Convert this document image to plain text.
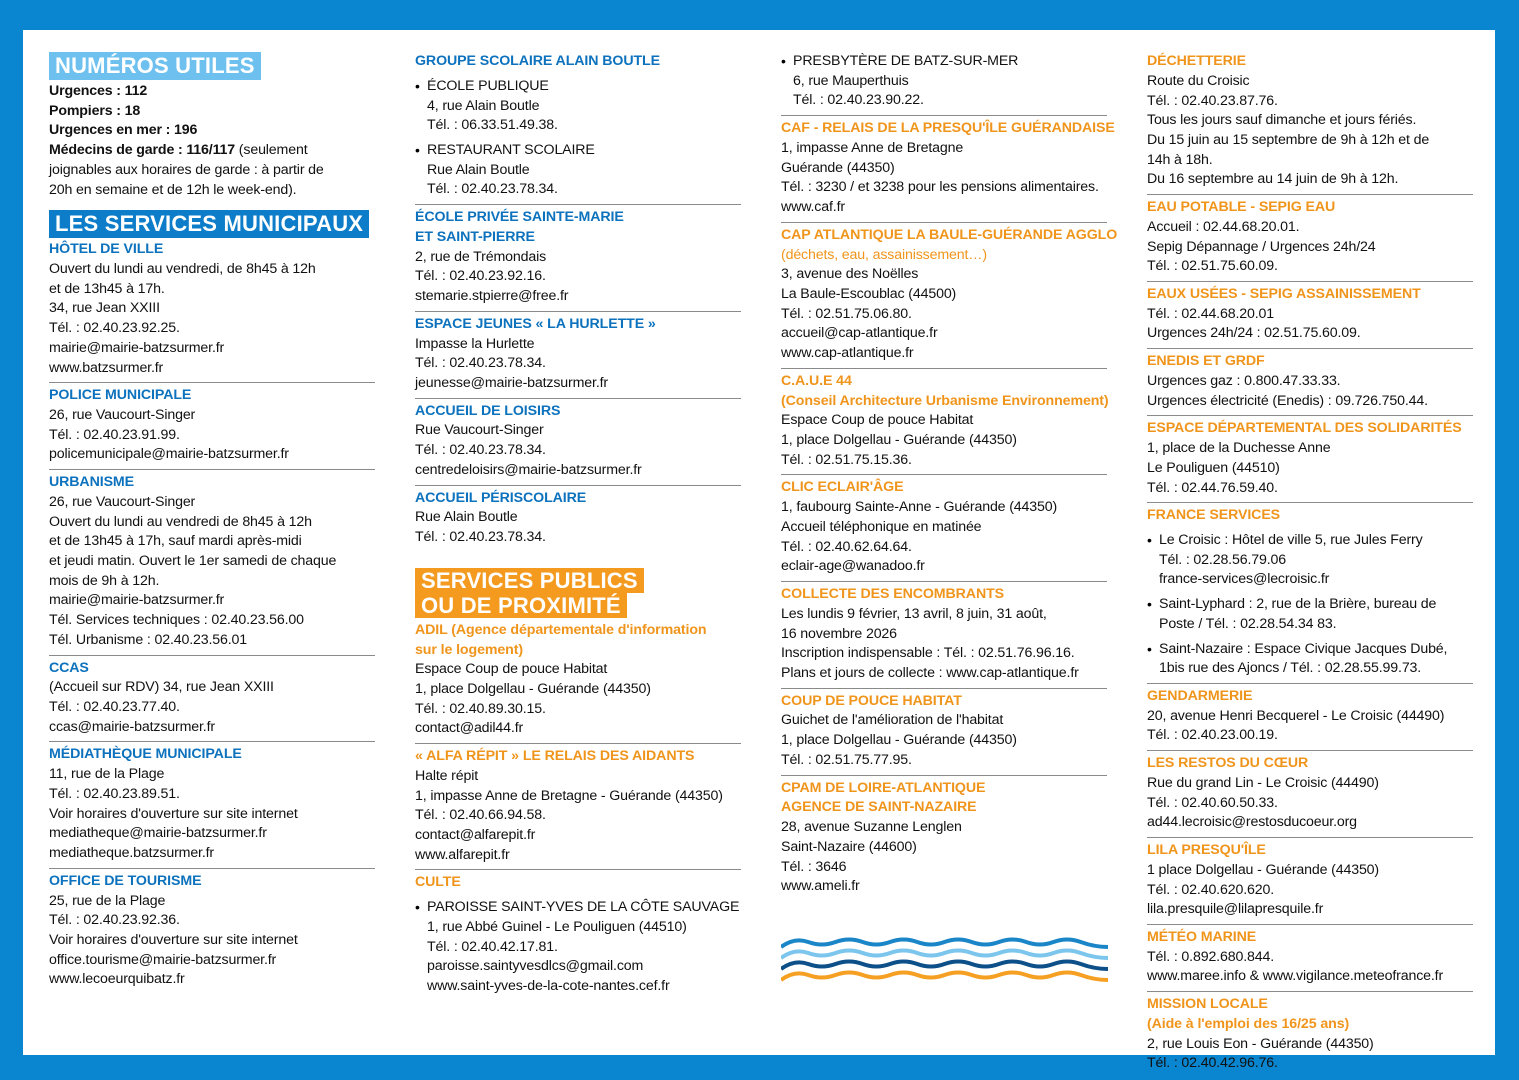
NUMÉROS UTILES
Urgences : 112
Pompiers : 18
Urgences en mer : 196
Médecins de garde : 116/117 (seulement
joignables aux horaires de garde : à partir de
20h en semaine et de 12h le week-end).
LES SERVICES MUNICIPAUX
HÔTEL DE VILLE
Ouvert du lundi au vendredi, de 8h45 à 12h
et de 13h45 à 17h.
34, rue Jean XXIII
Tél. : 02.40.23.92.25.
mairie@mairie-batzsurmer.fr
www.batzsurmer.fr
POLICE MUNICIPALE
26, rue Vaucourt-Singer
Tél. : 02.40.23.91.99.
policemunicipale@mairie-batzsurmer.fr
URBANISME
26, rue Vaucourt-Singer
Ouvert du lundi au vendredi de 8h45 à 12h
et de 13h45 à 17h, sauf mardi après-midi
et jeudi matin. Ouvert le 1er samedi de chaque
mois de 9h à 12h.
mairie@mairie-batzsurmer.fr
Tél. Services techniques : 02.40.23.56.00
Tél. Urbanisme : 02.40.23.56.01
CCAS
(Accueil sur RDV) 34, rue Jean XXIII
Tél. : 02.40.23.77.40.
ccas@mairie-batzsurmer.fr
MÉDIATHÈQUE MUNICIPALE
11, rue de la Plage
Tél. : 02.40.23.89.51.
Voir horaires d'ouverture sur site internet
mediatheque@mairie-batzsurmer.fr
mediatheque.batzsurmer.fr
OFFICE DE TOURISME
25, rue de la Plage
Tél. : 02.40.23.92.36.
Voir horaires d'ouverture sur site internet
office.tourisme@mairie-batzsurmer.fr
www.lecoeurquibatz.fr
GROUPE SCOLAIRE ALAIN BOUTLE
• ÉCOLE PUBLIQUE
4, rue Alain Boutle
Tél. : 06.33.51.49.38.
• RESTAURANT SCOLAIRE
Rue Alain Boutle
Tél. : 02.40.23.78.34.
ÉCOLE PRIVÉE SAINTE-MARIE
ET SAINT-PIERRE
2, rue de Trémondais
Tél. : 02.40.23.92.16.
stemarie.stpierre@free.fr
ESPACE JEUNES « LA HURLETTE »
Impasse la Hurlette
Tél. : 02.40.23.78.34.
jeunesse@mairie-batzsurmer.fr
ACCUEIL DE LOISIRS
Rue Vaucourt-Singer
Tél. : 02.40.23.78.34.
centredeloisirs@mairie-batzsurmer.fr
ACCUEIL PÉRISCOLAIRE
Rue Alain Boutle
Tél. : 02.40.23.78.34.
SERVICES PUBLICS
OU DE PROXIMITÉ
ADIL (Agence départementale d'information
sur le logement)
Espace Coup de pouce Habitat
1, place Dolgellau - Guérande (44350)
Tél. : 02.40.89.30.15.
contact@adil44.fr
« ALFA RÉPIT » LE RELAIS DES AIDANTS
Halte répit
1, impasse Anne de Bretagne - Guérande (44350)
Tél. : 02.40.66.94.58.
contact@alfarepit.fr
www.alfarepit.fr
CULTE
• PAROISSE SAINT-YVES DE LA CÔTE SAUVAGE
1, rue Abbé Guinel - Le Pouliguen (44510)
Tél. : 02.40.42.17.81.
paroisse.saintyvesdlcs@gmail.com
www.saint-yves-de-la-cote-nantes.cef.fr
• PRESBYTÈRE DE BATZ-SUR-MER
6, rue Mauperthuis
Tél. : 02.40.23.90.22.
CAF - RELAIS DE LA PRESQU'ÎLE GUÉRANDAISE
1, impasse Anne de Bretagne
Guérande (44350)
Tél. : 3230 / et 3238 pour les pensions alimentaires.
www.caf.fr
CAP ATLANTIQUE LA BAULE-GUÉRANDE AGGLO
(déchets, eau, assainissement…)
3, avenue des Noëlles
La Baule-Escoublac (44500)
Tél. : 02.51.75.06.80.
accueil@cap-atlantique.fr
www.cap-atlantique.fr
C.A.U.E 44
(Conseil Architecture Urbanisme Environnement)
Espace Coup de pouce Habitat
1, place Dolgellau - Guérande (44350)
Tél. : 02.51.75.15.36.
CLIC ECLAIR'ÂGE
1, faubourg Sainte-Anne - Guérande (44350)
Accueil téléphonique en matinée
Tél. : 02.40.62.64.64.
eclair-age@wanadoo.fr
COLLECTE DES ENCOMBRANTS
Les lundis 9 février, 13 avril, 8 juin, 31 août,
16 novembre 2026
Inscription indispensable : Tél. : 02.51.76.96.16.
Plans et jours de collecte : www.cap-atlantique.fr
COUP DE POUCE HABITAT
Guichet de l'amélioration de l'habitat
1, place Dolgellau - Guérande (44350)
Tél. : 02.51.75.77.95.
CPAM DE LOIRE-ATLANTIQUE
AGENCE DE SAINT-NAZAIRE
28, avenue Suzanne Lenglen
Saint-Nazaire (44600)
Tél. : 3646
www.ameli.fr
DÉCHETTERIE
Route du Croisic
Tél. : 02.40.23.87.76.
Tous les jours sauf dimanche et jours fériés.
Du 15 juin au 15 septembre de 9h à 12h et de
14h à 18h.
Du 16 septembre au 14 juin de 9h à 12h.
EAU POTABLE - SEPIG EAU
Accueil : 02.44.68.20.01.
Sepig Dépannage / Urgences 24h/24
Tél. : 02.51.75.60.09.
EAUX USÉES - SEPIG ASSAINISSEMENT
Tél. : 02.44.68.20.01
Urgences 24h/24 : 02.51.75.60.09.
ENEDIS ET GRDF
Urgences gaz : 0.800.47.33.33.
Urgences électricité (Enedis) : 09.726.750.44.
ESPACE DÉPARTEMENTAL DES SOLIDARITÉS
1, place de la Duchesse Anne
Le Pouliguen (44510)
Tél. : 02.44.76.59.40.
FRANCE SERVICES
• Le Croisic : Hôtel de ville 5, rue Jules Ferry
Tél. : 02.28.56.79.06
france-services@lecroisic.fr
• Saint-Lyphard : 2, rue de la Brière, bureau de
Poste / Tél. : 02.28.54.34 83.
• Saint-Nazaire : Espace Civique Jacques Dubé,
1bis rue des Ajoncs / Tél. : 02.28.55.99.73.
GENDARMERIE
20, avenue Henri Becquerel - Le Croisic (44490)
Tél. : 02.40.23.00.19.
LES RESTOS DU CŒUR
Rue du grand Lin - Le Croisic (44490)
Tél. : 02.40.60.50.33.
ad44.lecroisic@restosducoeur.org
LILA PRESQU'ÎLE
1 place Dolgellau - Guérande (44350)
Tél. : 02.40.620.620.
lila.presquile@lilapresquile.fr
MÉTÉO MARINE
Tél. : 0.892.680.844.
www.maree.info & www.vigilance.meteofrance.fr
MISSION LOCALE
(Aide à l'emploi des 16/25 ans)
2, rue Louis Eon - Guérande (44350)
Tél. : 02.40.42.96.76.
